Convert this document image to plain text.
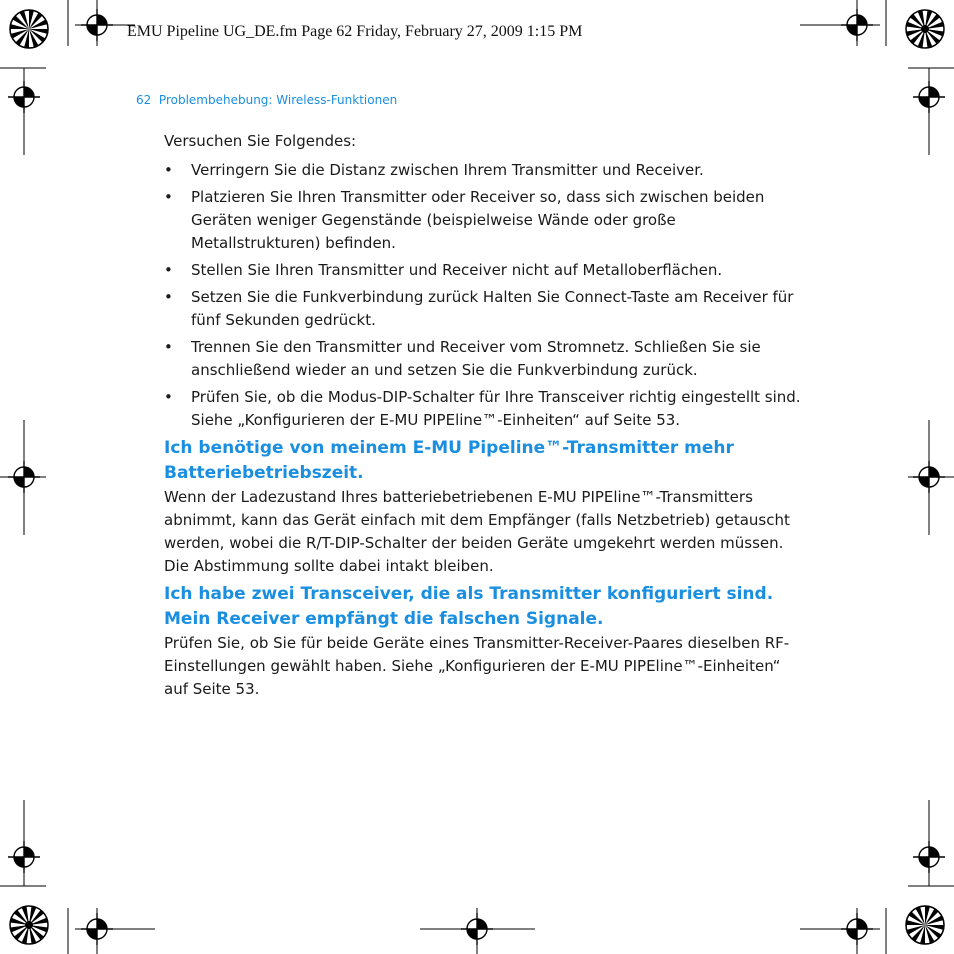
EMU Pipeline UG_DE.fm Page 62 Friday, February 27, 2009 1:15 PM
62 Problembehebung: Wireless-Funktionen

Versuchen Sie Folgendes:

• Verringern Sie die Distanz zwischen Ihrem Transmitter und Receiver.
• Platzieren Sie Ihren Transmitter oder Receiver so, dass sich zwischen beiden Geräten weniger Gegenstände (beispielweise Wände oder große Metallstrukturen) befinden.
• Stellen Sie Ihren Transmitter und Receiver nicht auf Metalloberflächen.
• Setzen Sie die Funkverbindung zurück Halten Sie Connect-Taste am Receiver für fünf Sekunden gedrückt.
• Trennen Sie den Transmitter und Receiver vom Stromnetz. Schließen Sie sie anschließend wieder an und setzen Sie die Funkverbindung zurück.
• Prüfen Sie, ob die Modus-DIP-Schalter für Ihre Transceiver richtig eingestellt sind. Siehe „Konfigurieren der E-MU PIPEline™-Einheiten“ auf Seite 53.
Ich benötige von meinem E-MU Pipeline™-Transmitter mehr Batteriebetriebszeit.

Wenn der Ladezustand Ihres batteriebetriebenen E-MU PIPEline™-Transmitters abnimmt, kann das Gerät einfach mit dem Empfänger (falls Netzbetrieb) getauscht werden, wobei die R/T-DIP-Schalter der beiden Geräte umgekehrt werden müssen. Die Abstimmung sollte dabei intakt bleiben.

Ich habe zwei Transceiver, die als Transmitter konfiguriert sind. Mein Receiver empfängt die falschen Signale.

Prüfen Sie, ob Sie für beide Geräte eines Transmitter-Receiver-Paares dieselben RF-Einstellungen gewählt haben. Siehe „Konfigurieren der E-MU PIPEline™-Einheiten“ auf Seite 53.
